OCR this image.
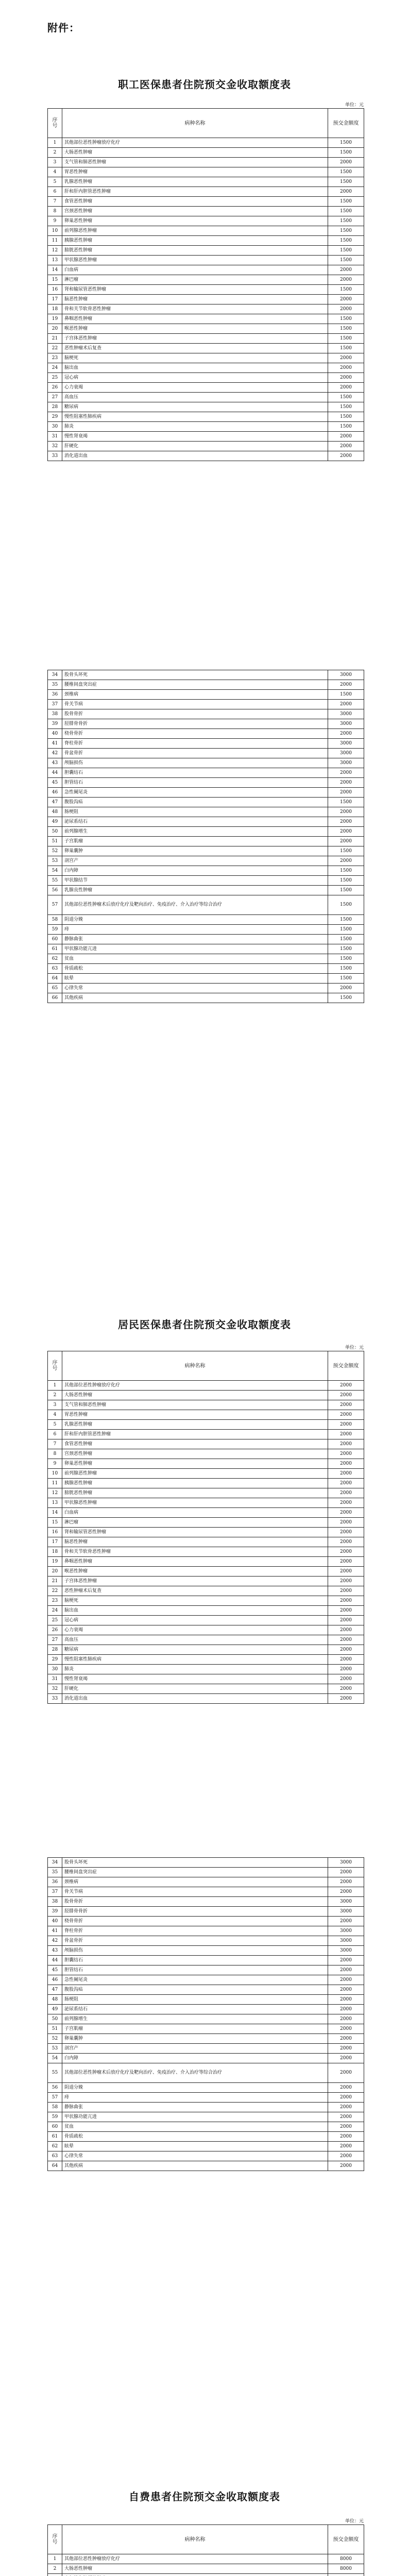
附件：
职工医保患者住院预交金收取额度表
单位：元
序号	病种名称	预交金额度
1	其他部位恶性肿瘤放疗化疗	1500
2	大肠恶性肿瘤	1500
3	支气管和肺恶性肿瘤	2000
4	胃恶性肿瘤	1500
5	乳腺恶性肿瘤	1500
6	肝和肝内胆管恶性肿瘤	2000
7	食管恶性肿瘤	1500
8	宫颈恶性肿瘤	1500
9	卵巢恶性肿瘤	1500
10	前列腺恶性肿瘤	1500
11	胰腺恶性肿瘤	1500
12	膀胱恶性肿瘤	1500
13	甲状腺恶性肿瘤	1500
14	白血病	2000
15	淋巴瘤	2000
16	肾和输尿管恶性肿瘤	1500
17	脑恶性肿瘤	2000
18	骨和关节软骨恶性肿瘤	2000
19	鼻咽恶性肿瘤	1500
20	喉恶性肿瘤	1500
21	子宫体恶性肿瘤	1500
22	恶性肿瘤术后复查	1500
23	脑梗死	2000
24	脑出血	2000
25	冠心病	2000
26	心力衰竭	2000
27	高血压	1500
28	糖尿病	1500
29	慢性阻塞性肺疾病	1500
30	肺炎	1500
31	慢性肾衰竭	2000
32	肝硬化	2000
33	消化道出血	2000
34	股骨头坏死	3000
35	腰椎间盘突出症	2000
36	颈椎病	1500
37	骨关节病	2000
38	股骨骨折	3000
39	胫腓骨骨折	3000
40	桡骨骨折	2000
41	脊柱骨折	3000
42	骨盆骨折	3000
43	颅脑损伤	3000
44	胆囊结石	2000
45	胆管结石	2000
46	急性阑尾炎	2000
47	腹股沟疝	1500
48	肠梗阻	2000
49	泌尿系结石	2000
50	前列腺增生	2000
51	子宫肌瘤	2000
52	卵巢囊肿	1500
53	剖宫产	2000
54	白内障	1500
55	甲状腺结节	1500
56	乳腺良性肿瘤	1500
57	其他部位恶性肿瘤术后放疗化疗及靶向治疗、免疫治疗、介入治疗等综合治疗	1500
58	阴道分娩	1500
59	痔	1500
60	静脉曲张	1500
61	甲状腺功能亢进	1500
62	贫血	1500
63	骨质疏松	1500
64	眩晕	1500
65	心律失常	2000
66	其他疾病	1500
居民医保患者住院预交金收取额度表
单位：元
序号	病种名称	预交金额度
1	其他部位恶性肿瘤放疗化疗	2000
2	大肠恶性肿瘤	2000
3	支气管和肺恶性肿瘤	2000
4	胃恶性肿瘤	2000
5	乳腺恶性肿瘤	2000
6	肝和肝内胆管恶性肿瘤	2000
7	食管恶性肿瘤	2000
8	宫颈恶性肿瘤	2000
9	卵巢恶性肿瘤	2000
10	前列腺恶性肿瘤	2000
11	胰腺恶性肿瘤	2000
12	膀胱恶性肿瘤	2000
13	甲状腺恶性肿瘤	2000
14	白血病	2000
15	淋巴瘤	2000
16	肾和输尿管恶性肿瘤	2000
17	脑恶性肿瘤	2000
18	骨和关节软骨恶性肿瘤	2000
19	鼻咽恶性肿瘤	2000
20	喉恶性肿瘤	2000
21	子宫体恶性肿瘤	2000
22	恶性肿瘤术后复查	2000
23	脑梗死	2000
24	脑出血	2000
25	冠心病	2000
26	心力衰竭	2000
27	高血压	2000
28	糖尿病	2000
29	慢性阻塞性肺疾病	2000
30	肺炎	2000
31	慢性肾衰竭	2000
32	肝硬化	2000
33	消化道出血	2000
34	股骨头坏死	3000
35	腰椎间盘突出症	2000
36	颈椎病	2000
37	骨关节病	2000
38	股骨骨折	3000
39	胫腓骨骨折	3000
40	桡骨骨折	2000
41	脊柱骨折	3000
42	骨盆骨折	3000
43	颅脑损伤	3000
44	胆囊结石	2000
45	胆管结石	2000
46	急性阑尾炎	2000
47	腹股沟疝	2000
48	肠梗阻	2000
49	泌尿系结石	2000
50	前列腺增生	2000
51	子宫肌瘤	2000
52	卵巢囊肿	2000
53	剖宫产	2000
54	白内障	2000
55	其他部位恶性肿瘤术后放疗化疗及靶向治疗、免疫治疗、介入治疗等综合治疗	2000
56	阴道分娩	2000
57	痔	2000
58	静脉曲张	2000
59	甲状腺功能亢进	2000
60	贫血	2000
61	骨质疏松	2000
62	眩晕	2000
63	心律失常	2000
64	其他疾病	2000
自费患者住院预交金收取额度表
单位：元
序号	病种名称	预交金额度
1	其他部位恶性肿瘤放疗化疗	8000
2	大肠恶性肿瘤	8000
